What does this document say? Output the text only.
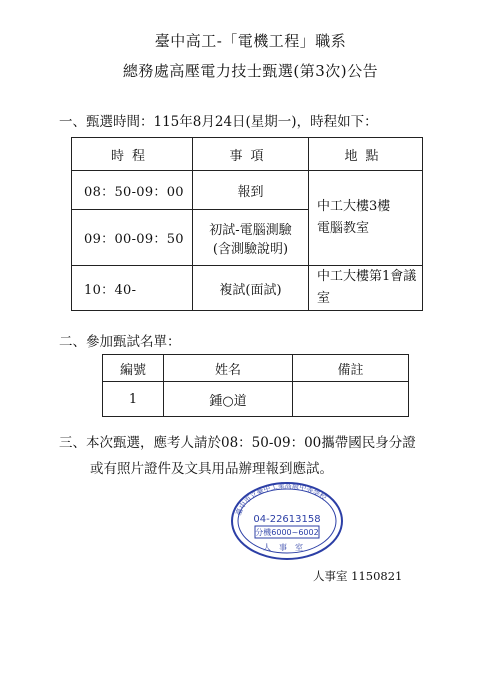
臺中高工-「電機工程」職系
總務處高壓電力技士甄選(第3次)公告
一、甄選時間：115年8月24日(星期一)，時程如下：
時程	事項	地點
08：50-09：00	報到	中工大樓3樓
電腦教室

09：00-09：50	初試-電腦測驗
(含測驗說明)	

10：40-	複試(面試)	中工大樓第1會議室
二、參加甄試名單：
編號	姓名	備註
1	鍾○道	
三、本次甄選，應考人請於08：50-09：00攜帶國民身分證
或有照片證件及文具用品辦理報到應試。
臺中市立臺中工業高級中等學校
04-22613158
分機6000~6002
人事室
人事室 1150821
